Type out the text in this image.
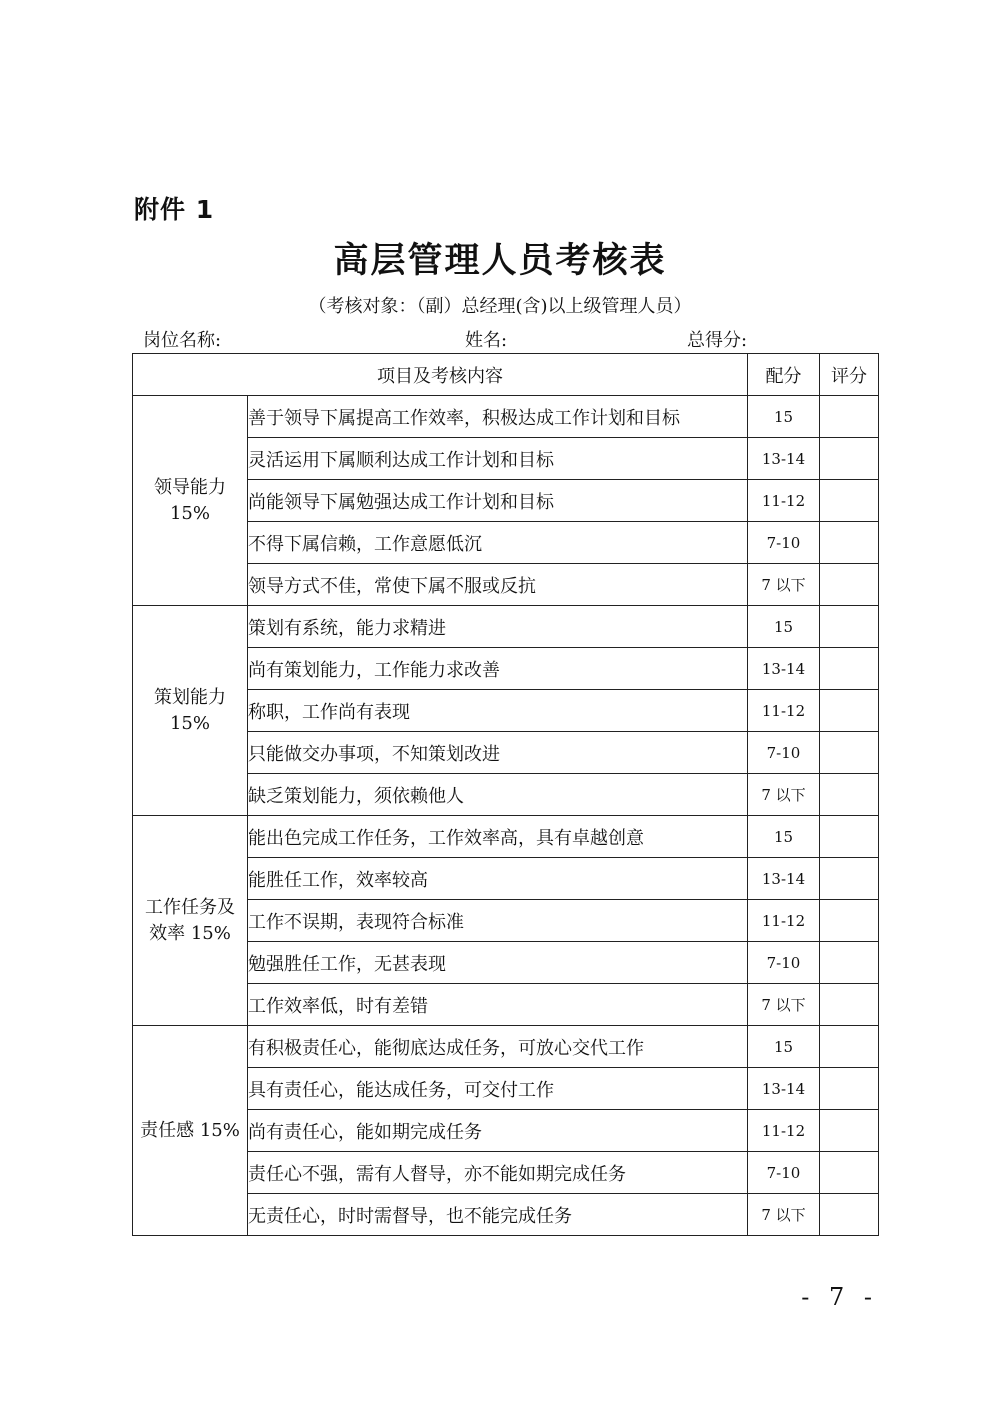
附件 1
高层管理人员考核表
（考核对象：（副）总经理(含)以上级管理人员）
岗位名称:	姓名:	总得分:
项目及考核内容		配分	评分

领导能力
15%	善于领导下属提高工作效率，积极达成工作计划和目标	15	
	灵活运用下属顺利达成工作计划和目标	13-14	
	尚能领导下属勉强达成工作计划和目标	11-12	
	不得下属信赖，工作意愿低沉	7-10	
	领导方式不佳，常使下属不服或反抗	7 以下	

策划能力
15%	策划有系统，能力求精进	15	
	尚有策划能力，工作能力求改善	13-14	
	称职，工作尚有表现	11-12	
	只能做交办事项，不知策划改进	7-10	
	缺乏策划能力，须依赖他人	7 以下	

工作任务及
效率 15%	能出色完成工作任务，工作效率高，具有卓越创意	15	
	能胜任工作，效率较高	13-14	
	工作不误期，表现符合标准	11-12	
	勉强胜任工作，无甚表现	7-10	
	工作效率低，时有差错	7 以下	

责任感 15%	有积极责任心，能彻底达成任务，可放心交代工作	15	
	具有责任心，能达成任务，可交付工作	13-14	
	尚有责任心，能如期完成任务	11-12	
	责任心不强，需有人督导，亦不能如期完成任务	7-10	
	无责任心，时时需督导，也不能完成任务	7 以下	
- 7 -
